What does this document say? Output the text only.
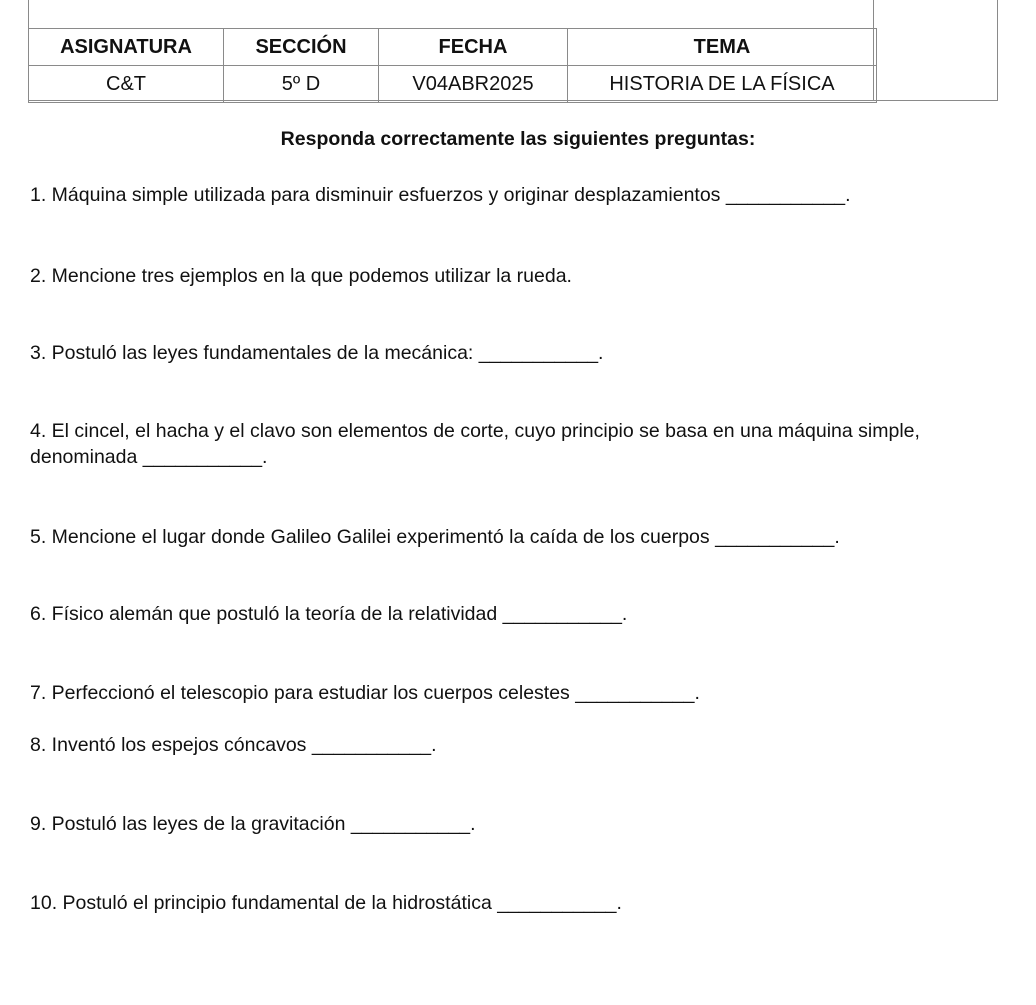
ASIGNATURA	SECCIÓN	FECHA	TEMA
C&T	5º D	V04ABR2025	HISTORIA DE LA FÍSICA
Responda correctamente las siguientes preguntas:
1. Máquina simple utilizada para disminuir esfuerzos y originar desplazamientos ___________.
2. Mencione tres ejemplos en la que podemos utilizar la rueda.
3. Postuló las leyes fundamentales de la mecánica: ___________.
4. El cincel, el hacha y el clavo son elementos de corte, cuyo principio se basa en una máquina simple, denominada ___________.
5. Mencione el lugar donde Galileo Galilei experimentó la caída de los cuerpos ___________.
6. Físico alemán que postuló la teoría de la relatividad ___________.
7. Perfeccionó el telescopio para estudiar los cuerpos celestes ___________.
8. Inventó los espejos cóncavos ___________.
9. Postuló las leyes de la gravitación ___________.
10. Postuló el principio fundamental de la hidrostática ___________.
